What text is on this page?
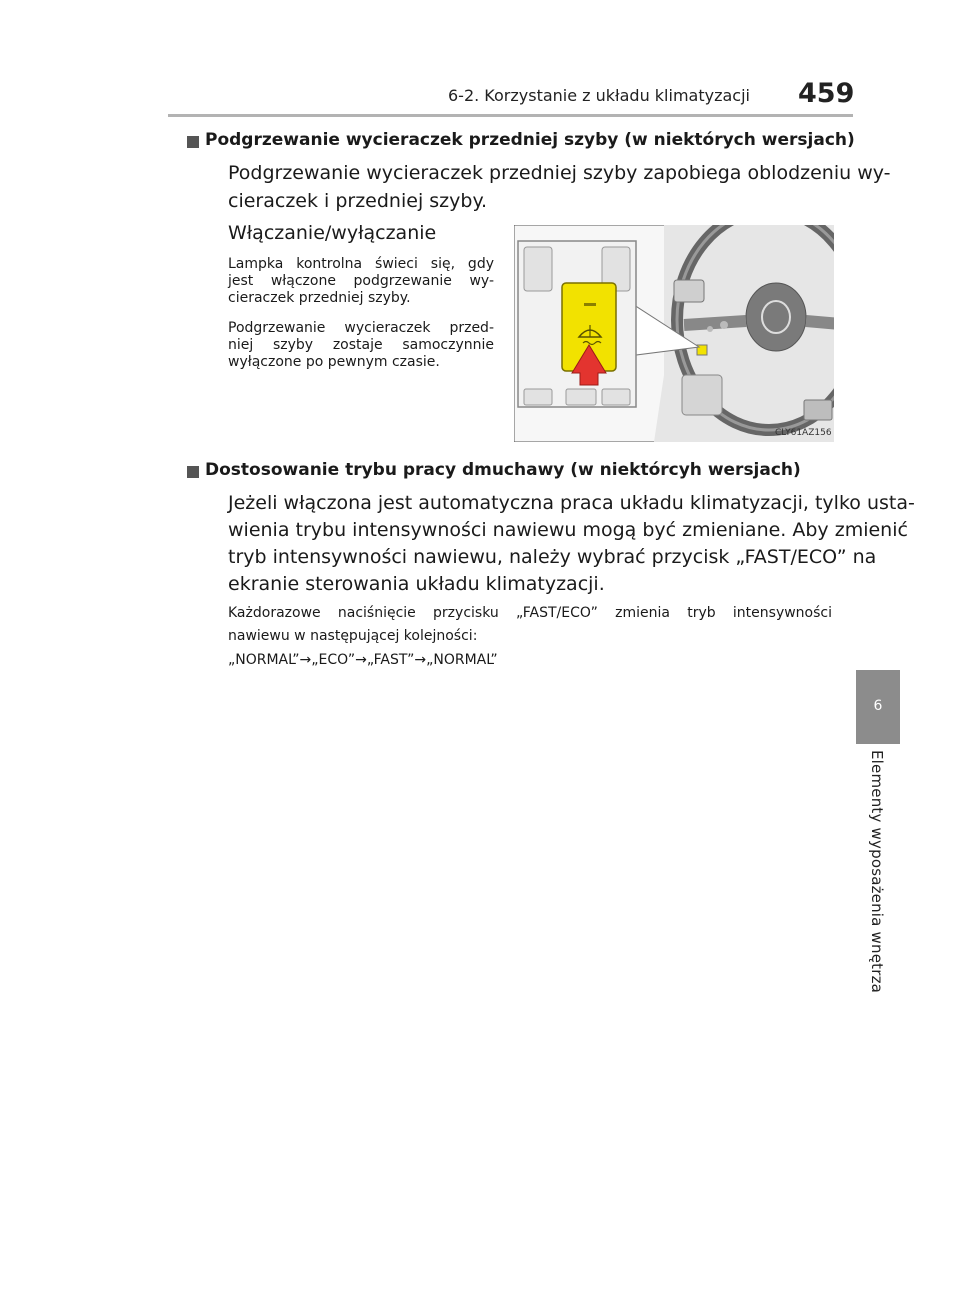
6-2. Korzystanie z układu klimatyzacji 459
6
Elementy wyposażenia wnętrza
Podgrzewanie wycieraczek przedniej szyby (w niektórych wersjach)
Podgrzewanie wycieraczek przedniej szyby zapobiega oblodzeniu wy-
cieraczek i przedniej szyby.
Włączanie/wyłączanie
Lampka kontrolna świeci się, gdy
jest włączone podgrzewanie wy-
cieraczek przedniej szyby.
Podgrzewanie wycieraczek przed-
niej szyby zostaje samoczynnie
wyłączone po pewnym czasie.
CLY61AZ156
Dostosowanie trybu pracy dmuchawy (w niektórcyh wersjach)
Jeżeli włączona jest automatyczna praca układu klimatyzacji, tylko usta-
wienia trybu intensywności nawiewu mogą być zmieniane. Aby zmienić
tryb intensywności nawiewu, należy wybrać przycisk „FAST/ECO” na
ekranie sterowania układu klimatyzacji.
Każdorazowe naciśnięcie przycisku „FAST/ECO” zmienia tryb intensywności
nawiewu w następującej kolejności:
„NORMAL”→„ECO”→„FAST”→„NORMAL”
